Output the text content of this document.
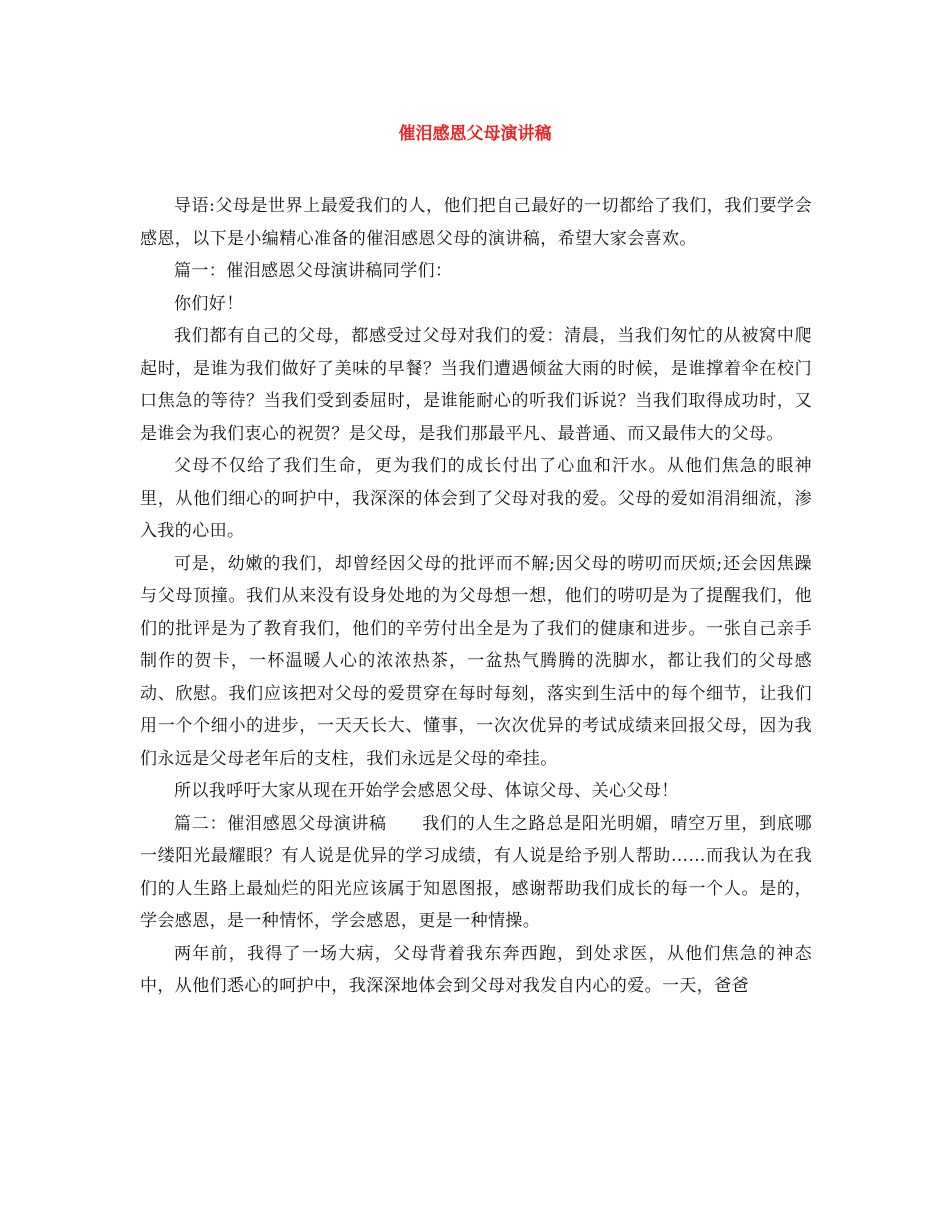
催泪感恩父母演讲稿

导语:父母是世界上最爱我们的人，他们把自己最好的一切都给了我们，我们要学会感恩，以下是小编精心准备的催泪感恩父母的演讲稿，希望大家会喜欢。

篇一：催泪感恩父母演讲稿同学们：

你们好！

我们都有自己的父母，都感受过父母对我们的爱：清晨，当我们匆忙的从被窝中爬起时，是谁为我们做好了美味的早餐？当我们遭遇倾盆大雨的时候，是谁撑着伞在校门口焦急的等待？当我们受到委屈时，是谁能耐心的听我们诉说？当我们取得成功时，又是谁会为我们衷心的祝贺？是父母，是我们那最平凡、最普通、而又最伟大的父母。

父母不仅给了我们生命，更为我们的成长付出了心血和汗水。从他们焦急的眼神里，从他们细心的呵护中，我深深的体会到了父母对我的爱。父母的爱如涓涓细流，渗入我的心田。

可是，幼嫩的我们，却曾经因父母的批评而不解;因父母的唠叨而厌烦;还会因焦躁与父母顶撞。我们从来没有设身处地的为父母想一想，他们的唠叨是为了提醒我们，他们的批评是为了教育我们，他们的辛劳付出全是为了我们的健康和进步。一张自己亲手制作的贺卡，一杯温暖人心的浓浓热茶，一盆热气腾腾的洗脚水，都让我们的父母感动、欣慰。我们应该把对父母的爱贯穿在每时每刻，落实到生活中的每个细节，让我们用一个个细小的进步，一天天长大、懂事，一次次优异的考试成绩来回报父母，因为我们永远是父母老年后的支柱，我们永远是父母的牵挂。

所以我呼吁大家从现在开始学会感恩父母、体谅父母、关心父母！

篇二：催泪感恩父母演讲稿　　我们的人生之路总是阳光明媚，晴空万里，到底哪一缕阳光最耀眼？有人说是优异的学习成绩，有人说是给予别人帮助……而我认为在我们的人生路上最灿烂的阳光应该属于知恩图报，感谢帮助我们成长的每一个人。是的，学会感恩，是一种情怀，学会感恩，更是一种情操。

两年前，我得了一场大病，父母背着我东奔西跑，到处求医，从他们焦急的神态中，从他们悉心的呵护中，我深深地体会到父母对我发自内心的爱。一天，爸爸
